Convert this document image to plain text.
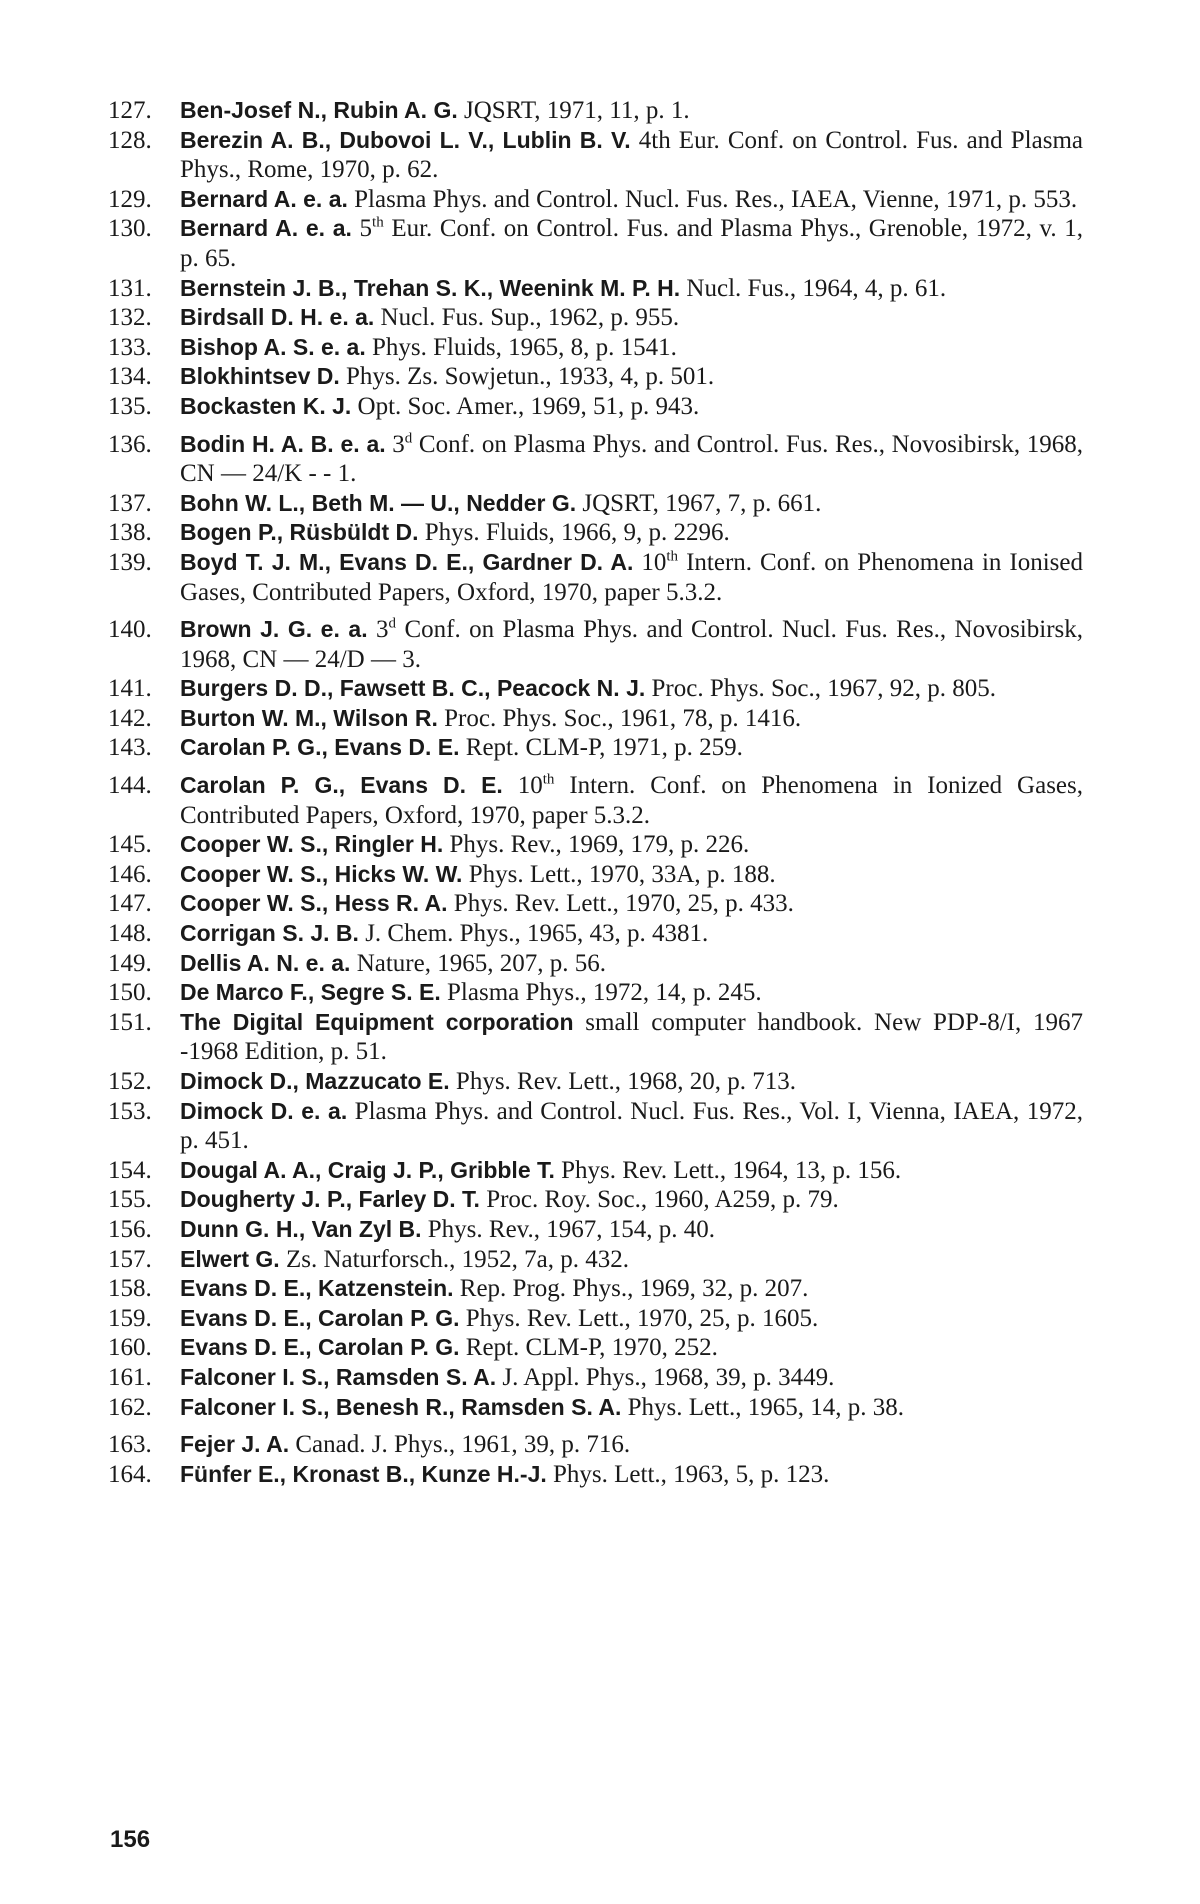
127.	Ben-Josef N., Rubin A. G. JQSRT, 1971, 11, p. 1.
128.	Berezin A. B., Dubovoi L. V., Lublin B. V. 4th Eur. Conf. on Control. Fus. and Plasma Phys., Rome, 1970, p. 62.
129.	Bernard A. e. a. Plasma Phys. and Control. Nucl. Fus. Res., IAEA, Vienne, 1971, p. 553.
130.	Bernard A. e. a. 5th Eur. Conf. on Control. Fus. and Plasma Phys., Grenoble, 1972, v. 1, p. 65.
131.	Bernstein J. B., Trehan S. K., Weenink M. P. H. Nucl. Fus., 1964, 4, p. 61.
132.	Birdsall D. H. e. a. Nucl. Fus. Sup., 1962, p. 955.
133.	Bishop A. S. e. a. Phys. Fluids, 1965, 8, p. 1541.
134.	Blokhintsev D. Phys. Zs. Sowjetun., 1933, 4, p. 501.
135.	Bockasten K. J. Opt. Soc. Amer., 1969, 51, p. 943.
136.	Bodin H. A. B. e. a. 3$^d$ Conf. on Plasma Phys. and Control. Fus. Res., Novosibirsk, 1968, CN — 24/K - - 1.
137.	Bohn W. L., Beth M. — U., Nedder G. JQSRT, 1967, 7, p. 661.
138.	Bogen P., Rüsbüldt D. Phys. Fluids, 1966, 9, p. 2296.
139.	Boyd T. J. M., Evans D. E., Gardner D. A. 10th Intern. Conf. on Phenomena in Ionised Gases, Contributed Papers, Oxford, 1970, paper 5.3.2.
140.	Brown J. G. e. a. 3$^d$ Conf. on Plasma Phys. and Control. Nucl. Fus. Res., Novosibirsk, 1968, CN — 24/D — 3.
141.	Burgers D. D., Fawsett B. C., Peacock N. J. Proc. Phys. Soc., 1967, 92, p. 805.
142.	Burton W. M., Wilson R. Proc. Phys. Soc., 1961, 78, p. 1416.
143.	Carolan P. G., Evans D. E. Rept. CLM-P, 1971, p. 259.
144.	Carolan P. G., Evans D. E. 10th Intern. Conf. on Phenomena in Ionized Gases, Contributed Papers, Oxford, 1970, paper 5.3.2.
145.	Cooper W. S., Ringler H. Phys. Rev., 1969, 179, p. 226.
146.	Cooper W. S., Hicks W. W. Phys. Lett., 1970, 33A, p. 188.
147.	Cooper W. S., Hess R. A. Phys. Rev. Lett., 1970, 25, p. 433.
148.	Corrigan S. J. B. J. Chem. Phys., 1965, 43, p. 4381.
149.	Dellis A. N. e. a. Nature, 1965, 207, p. 56.
150.	De Marco F., Segre S. E. Plasma Phys., 1972, 14, p. 245.
151.	The Digital Equipment corporation small computer handbook. New PDP-8/I, 1967 -1968 Edition, p. 51.
152.	Dimock D., Mazzucato E. Phys. Rev. Lett., 1968, 20, p. 713.
153.	Dimock D. e. a. Plasma Phys. and Control. Nucl. Fus. Res., Vol. I, Vienna, IAEA, 1972, p. 451.
154.	Dougal A. A., Craig J. P., Gribble T. Phys. Rev. Lett., 1964, 13, p. 156.
155.	Dougherty J. P., Farley D. T. Proc. Roy. Soc., 1960, A259, p. 79.
156.	Dunn G. H., Van Zyl B. Phys. Rev., 1967, 154, p. 40.
157.	Elwert G. Zs. Naturforsch., 1952, 7a, p. 432.
158.	Evans D. E., Katzenstein. Rep. Prog. Phys., 1969, 32, p. 207.
159.	Evans D. E., Carolan P. G. Phys. Rev. Lett., 1970, 25, p. 1605.
160.	Evans D. E., Carolan P. G. Rept. CLM-P, 1970, 252.
161.	Falconer I. S., Ramsden S. A. J. Appl. Phys., 1968, 39, p. 3449.
162.	Falconer I. S., Benesh R., Ramsden S. A. Phys. Lett., 1965, 14, p. 38.
163.	Fejer J. A. Canad. J. Phys., 1961, 39, p. 716.
164.	Fünfer E., Kronast B., Kunze H.-J. Phys. Lett., 1963, 5, p. 123.
156
